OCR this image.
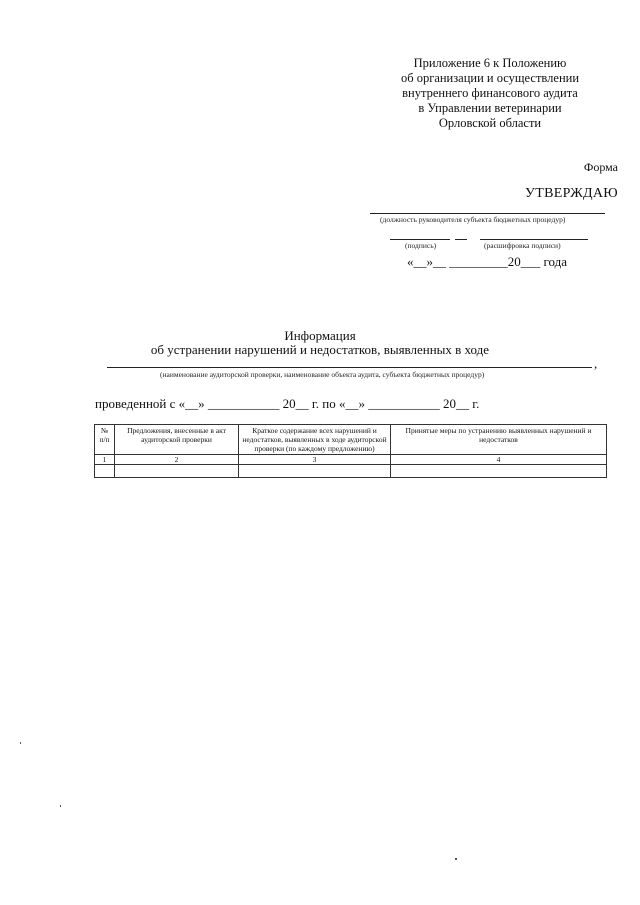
Приложение 6 к Положению
об организации и осуществлении
внутреннего финансового аудита
в Управлении ветеринарии
Орловской области
Форма
УТВЕРЖДАЮ
(должность руководителя субъекта бюджетных процедур)
(подпись)	(расшифровка подписи)
«__»__ _________20___ года
Информация
об устранении нарушений и недостатков, выявленных в ходе
,
(наименование аудиторской проверки, наименование объекта аудита, субъекта бюджетных процедур)
проведенной с «__» ___________ 20__ г. по «__» ___________ 20__ г.
№ п/п	Предложения, внесенные в акт аудиторской проверки	Краткое содержание всех нарушений и недостатков, выявленных в ходе аудиторской проверки (по каждому предложению)	Принятые меры по устранению выявленных нарушений и недостатков
1	2	3	4
